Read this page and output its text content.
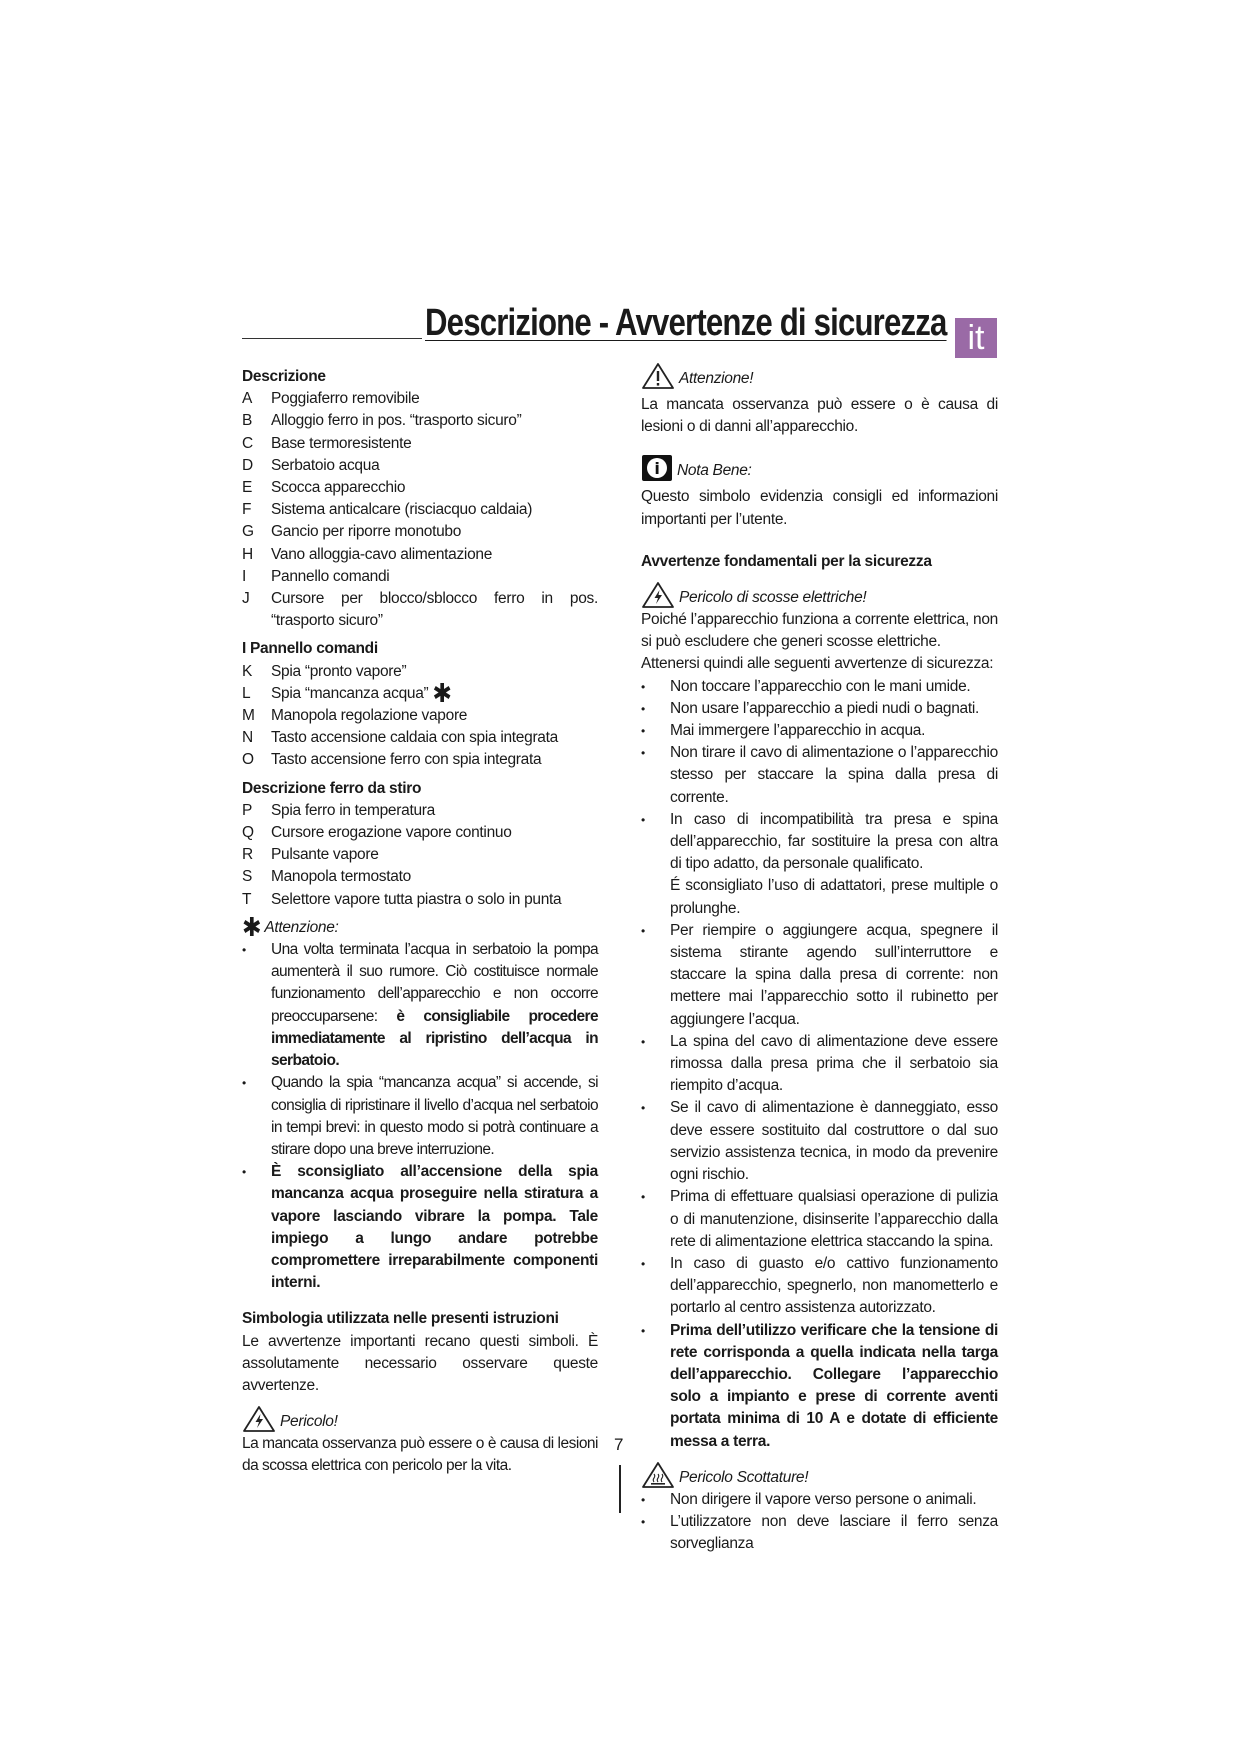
Descrizione - Avvertenze di sicurezza it

Descrizione

A	Poggiaferro removibile
B	Alloggio ferro in pos. “trasporto sicuro”
C	Base termoresistente
D	Serbatoio acqua
E	Scocca apparecchio
F	Sistema anticalcare (risciacquo caldaia)
G	Gancio per riporre monotubo
H	Vano alloggia-cavo alimentazione
I	Pannello comandi
J	Cursore per blocco/sblocco ferro in pos. “trasporto sicuro”

I Pannello comandi

K	Spia “pronto vapore”
L	Spia “mancanza acqua” ✱
M	Manopola regolazione vapore
N	Tasto accensione caldaia con spia integrata
O	Tasto accensione ferro con spia integrata

Descrizione ferro da stiro

P	Spia ferro in temperatura
Q	Cursore erogazione vapore continuo
R	Pulsante vapore
S	Manopola termostato
T	Selettore vapore tutta piastra o solo in punta

✱ Attenzione:

•	Una volta terminata l’acqua in serbatoio la pompa aumenterà il suo rumore. Ciò costituisce normale funzionamento dell’apparecchio e non occorre preoccuparsene: è consigliabile procedere immediatamente al ripristino dell’acqua in serbatoio.
•	Quando la spia “mancanza acqua” si accende, si consiglia di ripristinare il livello d’acqua nel serbatoio in tempi brevi: in questo modo si potrà continuare a stirare dopo una breve interruzione.
•	È sconsigliato all’accensione della spia mancanza acqua proseguire nella stiratura a vapore lasciando vibrare la pompa. Tale impiego a lungo andare potrebbe compromettere irreparabilmente componenti interni.

Simbologia utilizzata nelle presenti istruzioni

Le avvertenze importanti recano questi simboli. È assolutamente necessario osservare queste avvertenze.

Pericolo!

La mancata osservanza può essere o è causa di lesioni da scossa elettrica con pericolo per la vita.

Attenzione!

La mancata osservanza può essere o è causa di lesioni o di danni all’apparecchio.

i Nota Bene:

Questo simbolo evidenzia consigli ed informazioni importanti per l’utente.

Avvertenze fondamentali per la sicurezza

Pericolo di scosse elettriche!

Poiché l’apparecchio funziona a corrente elettrica, non si può escludere che generi scosse elettriche.

Attenersi quindi alle seguenti avvertenze di sicurezza:

•	Non toccare l’apparecchio con le mani umide.
•	Non usare l’apparecchio a piedi nudi o bagnati.
•	Mai immergere l’apparecchio in acqua.
•	Non tirare il cavo di alimentazione o l’apparecchio stesso per staccare la spina dalla presa di corrente.
•	In caso di incompatibilità tra presa e spina dell’apparecchio, far sostituire la presa con altra di tipo adatto, da personale qualificato.
É sconsigliato l’uso di adattatori, prese multiple o prolunghe.
•	Per riempire o aggiungere acqua, spegnere il sistema stirante agendo sull’interruttore e staccare la spina dalla presa di corrente: non mettere mai l’apparecchio sotto il rubinetto per aggiungere l’acqua.
•	La spina del cavo di alimentazione deve essere rimossa dalla presa prima che il serbatoio sia riempito d’acqua.
•	Se il cavo di alimentazione è danneggiato, esso deve essere sostituito dal costruttore o dal suo servizio assistenza tecnica, in modo da prevenire ogni rischio.
•	Prima di effettuare qualsiasi operazione di pulizia o di manutenzione, disinserite l’apparecchio dalla rete di alimentazione elettrica staccando la spina.
•	In caso di guasto e/o cattivo funzionamento dell’apparecchio, spegnerlo, non manometterlo e portarlo al centro assistenza autorizzato.
•	Prima dell’utilizzo verificare che la tensione di rete corrisponda a quella indicata nella targa dell’apparecchio. Collegare l’apparecchio solo a impianto e prese di corrente aventi portata minima di 10 A e dotate di efficiente messa a terra.
Pericolo Scottature!
•	Non dirigere il vapore verso persone o animali.
•	L’utilizzatore non deve lasciare il ferro senza sorveglianza
7
